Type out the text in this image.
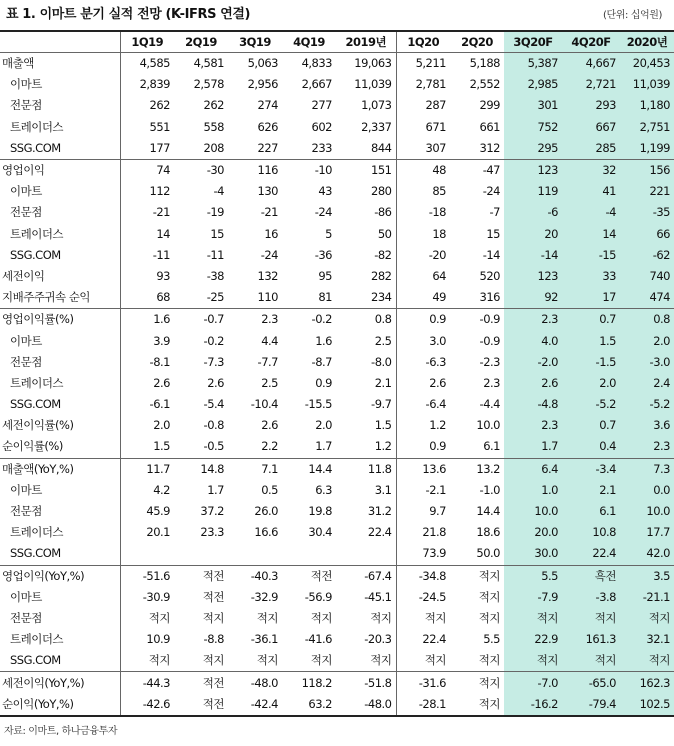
표 1. 이마트 분기 실적 전망 (K-IFRS 연결)	(단위: 십억원)
	1Q19	2Q19	3Q19	4Q19	2019년	1Q20	2Q20	3Q20F	4Q20F	2020년
매출액	4,585	4,581	5,063	4,833	19,063	5,211	5,188	5,387	4,667	20,453
이마트	2,839	2,578	2,956	2,667	11,039	2,781	2,552	2,985	2,721	11,039
전문점	262	262	274	277	1,073	287	299	301	293	1,180
트레이더스	551	558	626	602	2,337	671	661	752	667	2,751
SSG.COM	177	208	227	233	844	307	312	295	285	1,199
영업이익	74	-30	116	-10	151	48	-47	123	32	156
이마트	112	-4	130	43	280	85	-24	119	41	221
전문점	-21	-19	-21	-24	-86	-18	-7	-6	-4	-35
트레이더스	14	15	16	5	50	18	15	20	14	66
SSG.COM	-11	-11	-24	-36	-82	-20	-14	-14	-15	-62
세전이익	93	-38	132	95	282	64	520	123	33	740
지배주주귀속 순익	68	-25	110	81	234	49	316	92	17	474
영업이익률(%)	1.6	-0.7	2.3	-0.2	0.8	0.9	-0.9	2.3	0.7	0.8
이마트	3.9	-0.2	4.4	1.6	2.5	3.0	-0.9	4.0	1.5	2.0
전문점	-8.1	-7.3	-7.7	-8.7	-8.0	-6.3	-2.3	-2.0	-1.5	-3.0
트레이더스	2.6	2.6	2.5	0.9	2.1	2.6	2.3	2.6	2.0	2.4
SSG.COM	-6.1	-5.4	-10.4	-15.5	-9.7	-6.4	-4.4	-4.8	-5.2	-5.2
세전이익률(%)	2.0	-0.8	2.6	2.0	1.5	1.2	10.0	2.3	0.7	3.6
순이익률(%)	1.5	-0.5	2.2	1.7	1.2	0.9	6.1	1.7	0.4	2.3
매출액(YoY,%)	11.7	14.8	7.1	14.4	11.8	13.6	13.2	6.4	-3.4	7.3
이마트	4.2	1.7	0.5	6.3	3.1	-2.1	-1.0	1.0	2.1	0.0
전문점	45.9	37.2	26.0	19.8	31.2	9.7	14.4	10.0	6.1	10.0
트레이더스	20.1	23.3	16.6	30.4	22.4	21.8	18.6	20.0	10.8	17.7
SSG.COM						73.9	50.0	30.0	22.4	42.0
영업이익(YoY,%)	-51.6	적전	-40.3	적전	-67.4	-34.8	적지	5.5	흑전	3.5
이마트	-30.9	적전	-32.9	-56.9	-45.1	-24.5	적지	-7.9	-3.8	-21.1
전문점	적지	적지	적지	적지	적지	적지	적지	적지	적지	적지
트레이더스	10.9	-8.8	-36.1	-41.6	-20.3	22.4	5.5	22.9	161.3	32.1
SSG.COM	적지	적지	적지	적지	적지	적지	적지	적지	적지	적지
세전이익(YoY,%)	-44.3	적전	-48.0	118.2	-51.8	-31.6	적지	-7.0	-65.0	162.3
순이익(YoY,%)	-42.6	적전	-42.4	63.2	-48.0	-28.1	적지	-16.2	-79.4	102.5
자료: 이마트, 하나금융투자
